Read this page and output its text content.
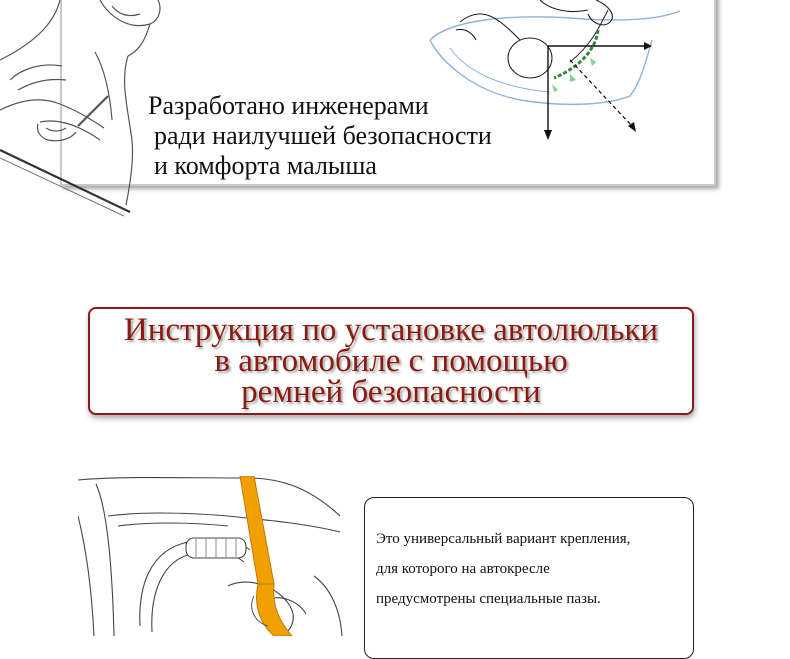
Разработано инженерами
ради наилучшей безопасности
и комфорта малыша
Инструкция по установке автолюльки
в автомобиле с помощью
ремней безопасности
Это универсальный вариант крепления,
для которого на автокресле
предусмотрены специальные пазы.
